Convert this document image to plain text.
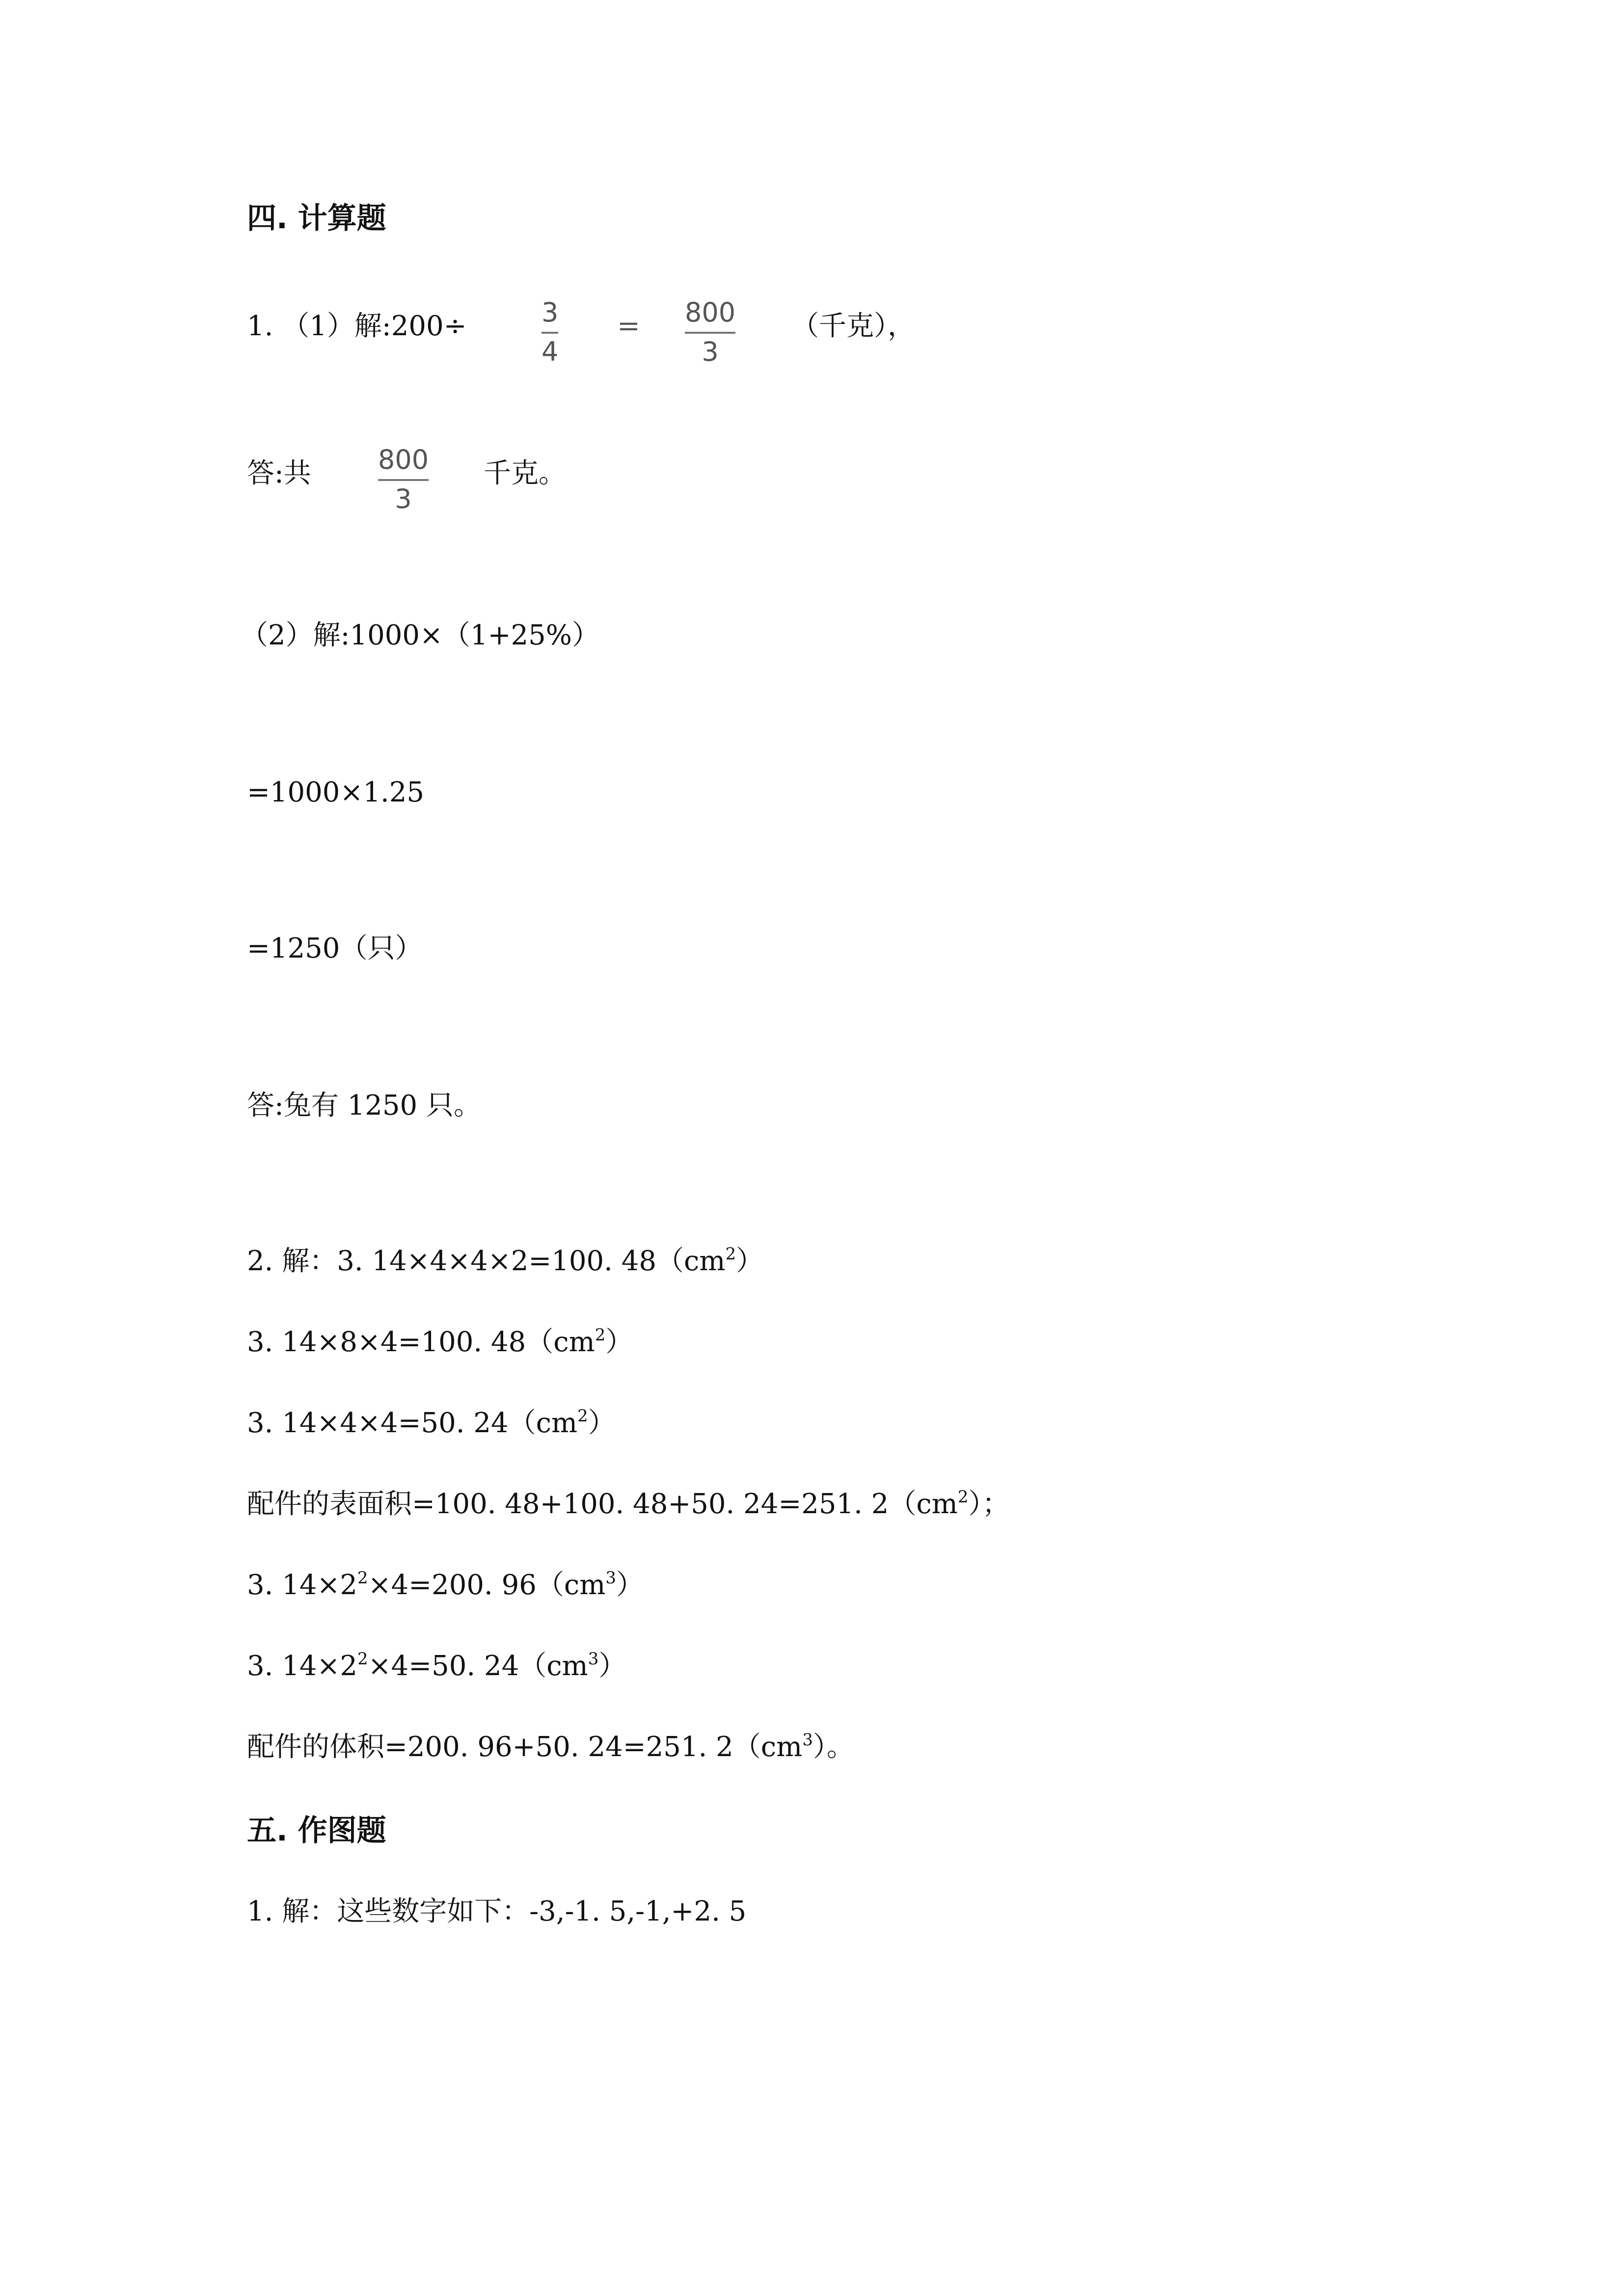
四. 计算题
1. （1）解:200÷	3
4
= 800
3
（千克），
答:共	800
3
千克。
（2）解:1000×（1+25%）
=1000×1.25
=1250（只）
答:兔有 1250 只。
2. 解：3. 14×4×4×2=100. $48(cm^2)$
3. 14×8×4=100. $48(cm^2)$
3. 14×4×4=50. $24(cm^2)$
配件的表面积=100. 48+100. 48+50. 24=251. $2(cm^2)$；
3. $14\times 2^2\times 4=200$. $96(cm^3)$
3. $14\times 2^2\times 4=50$. $24(cm^3)$
配件的体积=200. 96+50. 24=251. $2(cm^3)$。
五. 作图题
1. 解：这些数字如下：-3,-1. 5,-1,+2. 5
